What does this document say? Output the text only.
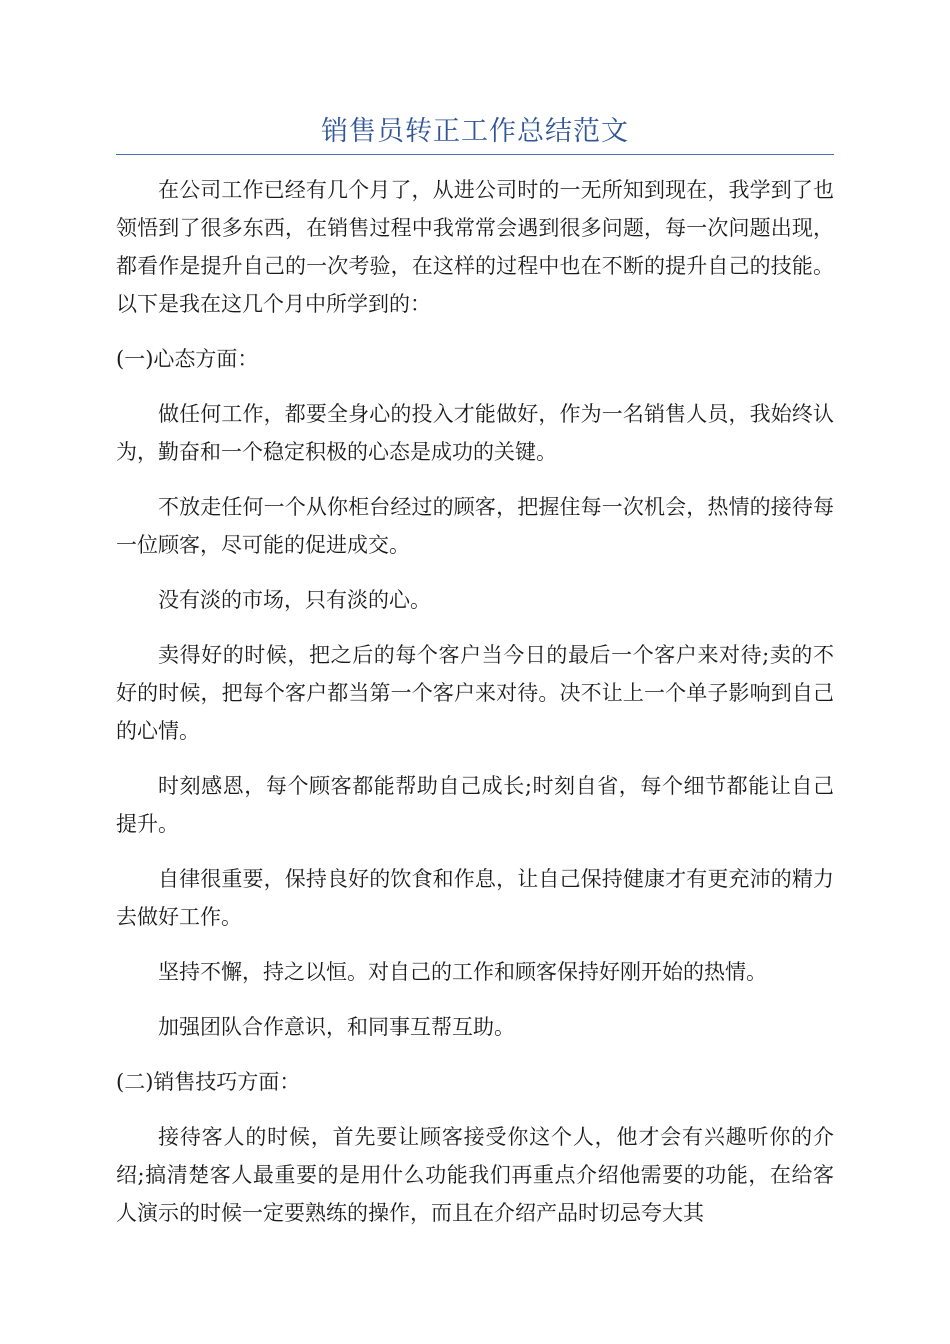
销售员转正工作总结范文

在公司工作已经有几个月了，从进公司时的一无所知到现在，我学到了也领悟到了很多东西，在销售过程中我常常会遇到很多问题，每一次问题出现，都看作是提升自己的一次考验，在这样的过程中也在不断的提升自己的技能。以下是我在这几个月中所学到的：

(一)心态方面：

做任何工作，都要全身心的投入才能做好，作为一名销售人员，我始终认为，勤奋和一个稳定积极的心态是成功的关键。

不放走任何一个从你柜台经过的顾客，把握住每一次机会，热情的接待每一位顾客，尽可能的促进成交。

没有淡的市场，只有淡的心。

卖得好的时候，把之后的每个客户当今日的最后一个客户来对待;卖的不好的时候，把每个客户都当第一个客户来对待。决不让上一个单子影响到自己的心情。

时刻感恩，每个顾客都能帮助自己成长;时刻自省，每个细节都能让自己提升。

自律很重要，保持良好的饮食和作息，让自己保持健康才有更充沛的精力去做好工作。

坚持不懈，持之以恒。对自己的工作和顾客保持好刚开始的热情。

加强团队合作意识，和同事互帮互助。

(二)销售技巧方面：

接待客人的时候，首先要让顾客接受你这个人，他才会有兴趣听你的介绍;搞清楚客人最重要的是用什么功能我们再重点介绍他需要的功能，在给客人演示的时候一定要熟练的操作，而且在介绍产品时切忌夸大其
